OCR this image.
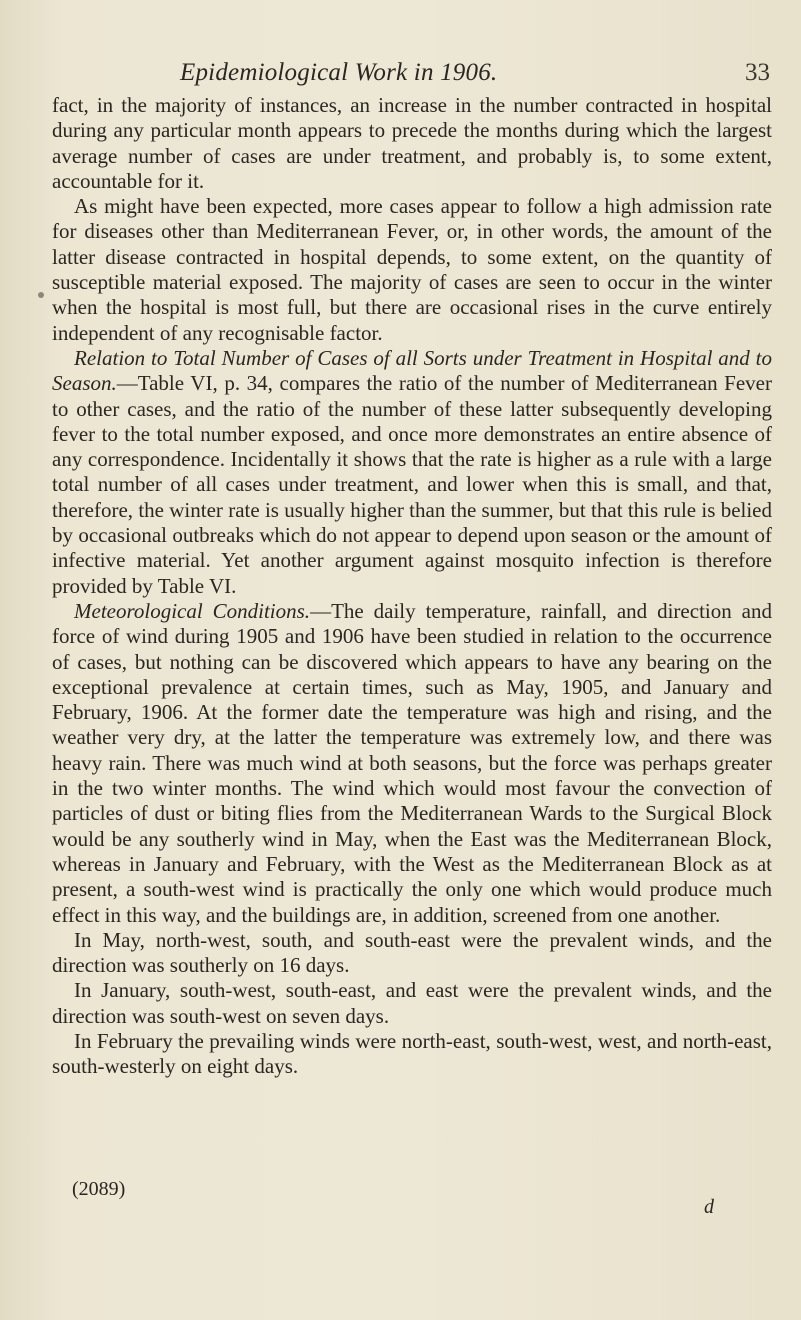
Epidemiological Work in 1906.	33

fact, in the majority of instances, an increase in the number contracted in hospital during any particular month appears to precede the months during which the largest average number of cases are under treatment, and probably is, to some extent, accountable for it.

As might have been expected, more cases appear to follow a high admission rate for diseases other than Mediterranean Fever, or, in other words, the amount of the latter disease contracted in hospital depends, to some extent, on the quantity of susceptible material exposed. The majority of cases are seen to occur in the winter when the hospital is most full, but there are occasional rises in the curve entirely independent of any recognisable factor.

Relation to Total Number of Cases of all Sorts under Treatment in Hospital and to Season.—Table VI, p. 34, compares the ratio of the number of Mediterranean Fever to other cases, and the ratio of the number of these latter subsequently developing fever to the total number exposed, and once more demonstrates an entire absence of any correspondence. Incidentally it shows that the rate is higher as a rule with a large total number of all cases under treatment, and lower when this is small, and that, therefore, the winter rate is usually higher than the summer, but that this rule is belied by occasional outbreaks which do not appear to depend upon season or the amount of infective material. Yet another argument against mosquito infection is therefore provided by Table VI.

Meteorological Conditions.—The daily temperature, rainfall, and direction and force of wind during 1905 and 1906 have been studied in relation to the occurrence of cases, but nothing can be discovered which appears to have any bearing on the exceptional prevalence at certain times, such as May, 1905, and January and February, 1906. At the former date the temperature was high and rising, and the weather very dry, at the latter the temperature was extremely low, and there was heavy rain. There was much wind at both seasons, but the force was perhaps greater in the two winter months. The wind which would most favour the convection of particles of dust or biting flies from the Mediterranean Wards to the Surgical Block would be any southerly wind in May, when the East was the Mediterranean Block, whereas in January and February, with the West as the Mediterranean Block as at present, a south-west wind is practically the only one which would produce much effect in this way, and the buildings are, in addition, screened from one another.

In May, north-west, south, and south-east were the prevalent winds, and the direction was southerly on 16 days.

In January, south-west, south-east, and east were the prevalent winds, and the direction was south-west on seven days.

In February the prevailing winds were north-east, south-west, west, and north-east, south-westerly on eight days.

(2089)
d
